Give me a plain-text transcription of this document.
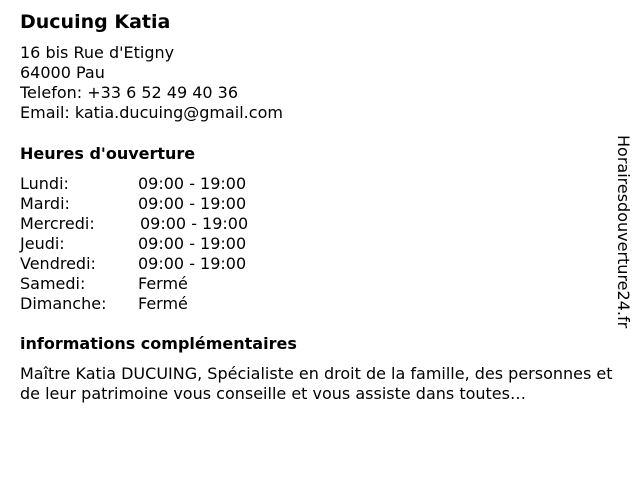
Ducuing Katia
16 bis Rue d'Etigny
64000 Pau
Telefon: +33 6 52 49 40 36
Email: katia.ducuing@gmail.com
Heures d'ouverture
Lundi:	09:00 - 19:00
Mardi:	09:00 - 19:00
Mercredi:	09:00 - 19:00
Jeudi:	09:00 - 19:00
Vendredi:	09:00 - 19:00
Samedi:	Fermé
Dimanche: Fermé
informations complémentaires
Maître Katia DUCUING, Spécialiste en droit de la famille, des personnes et de leur patrimoine vous conseille et vous assiste dans toutes…
Horairesdouverture24.fr
